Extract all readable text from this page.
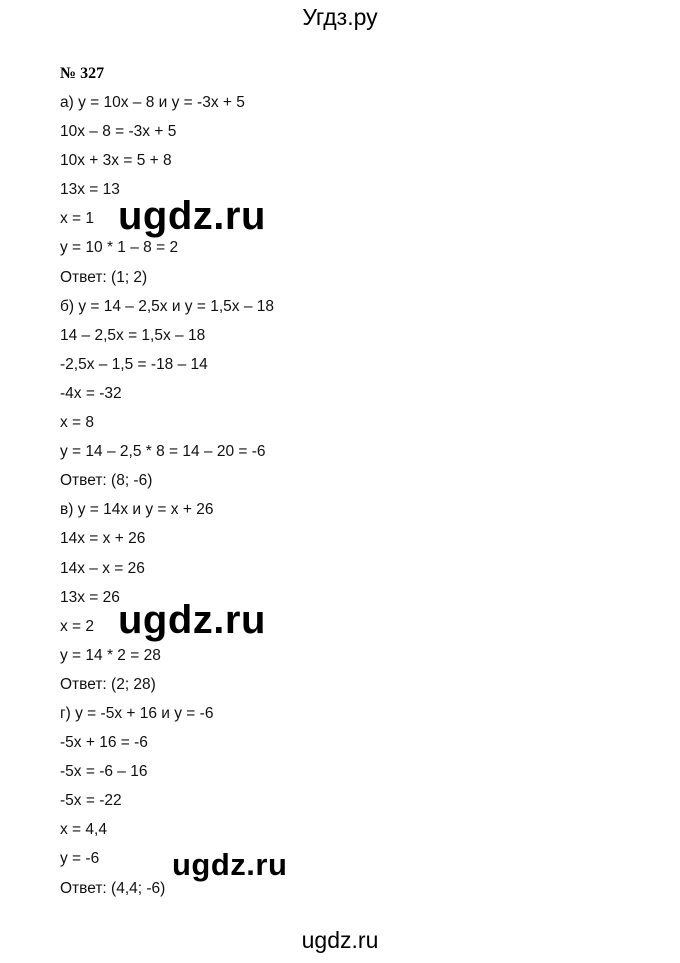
Угдз.ру
№ 327
а) y = 10x – 8 и y = -3x + 5
10x – 8 = -3x + 5
10x + 3x = 5 + 8
13x = 13
x = 1
y = 10 * 1 – 8 = 2
Ответ: (1; 2)
б) y = 14 – 2,5x и y = 1,5x – 18
14 – 2,5x = 1,5x – 18
-2,5x – 1,5 = -18 – 14
-4x = -32
x = 8
y = 14 – 2,5 * 8 = 14 – 20 = -6
Ответ: (8; -6)
в) y = 14x и y = x + 26
14x = x + 26
14x – x = 26
13x = 26
x = 2
y = 14 * 2 = 28
Ответ: (2; 28)
г) y = -5x + 16 и y = -6
-5x + 16 = -6
-5x = -6 – 16
-5x = -22
x = 4,4
y = -6
Ответ: (4,4; -6)
ugdz.ru
ugdz.ru
ugdz.ru
ugdz.ru
